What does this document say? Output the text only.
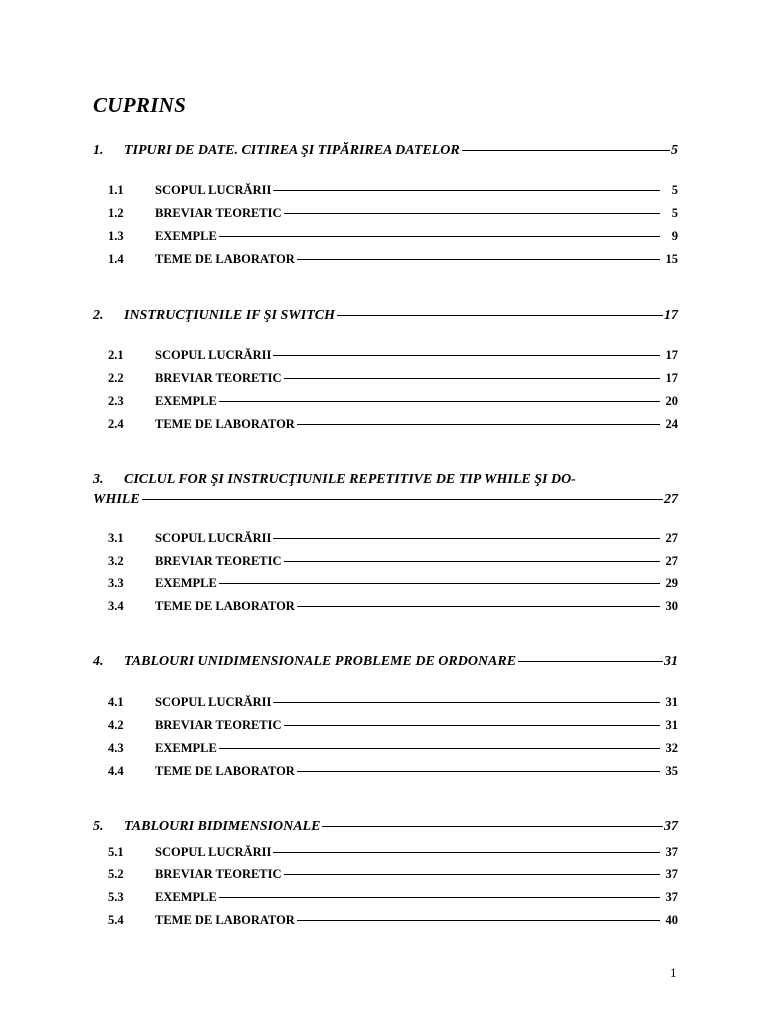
CUPRINS
1.	TIPURI DE DATE. CITIREA ŞI TIPĂRIREA DATELOR	5
1.1	SCOPUL LUCRĂRII	5
1.2	BREVIAR TEORETIC	5
1.3	EXEMPLE	9
1.4	TEME DE LABORATOR	15
2.	INSTRUCŢIUNILE IF ŞI SWITCH	17
2.1	SCOPUL LUCRĂRII	17
2.2	BREVIAR TEORETIC	17
2.3	EXEMPLE	20
2.4	TEME DE LABORATOR	24
3.	CICLUL FOR ŞI INSTRUCŢIUNILE REPETITIVE DE TIP WHILE ŞI DO-
WHILE	27
3.1	SCOPUL LUCRĂRII	27
3.2	BREVIAR TEORETIC	27
3.3	EXEMPLE	29
3.4	TEME DE LABORATOR	30
4.	TABLOURI UNIDIMENSIONALE PROBLEME DE ORDONARE	31
4.1	SCOPUL LUCRĂRII	31
4.2	BREVIAR TEORETIC	31
4.3	EXEMPLE	32
4.4	TEME DE LABORATOR	35
5.	TABLOURI BIDIMENSIONALE	37
5.1	SCOPUL LUCRĂRII	37
5.2	BREVIAR TEORETIC	37
5.3	EXEMPLE	37
5.4	TEME DE LABORATOR	40
1
